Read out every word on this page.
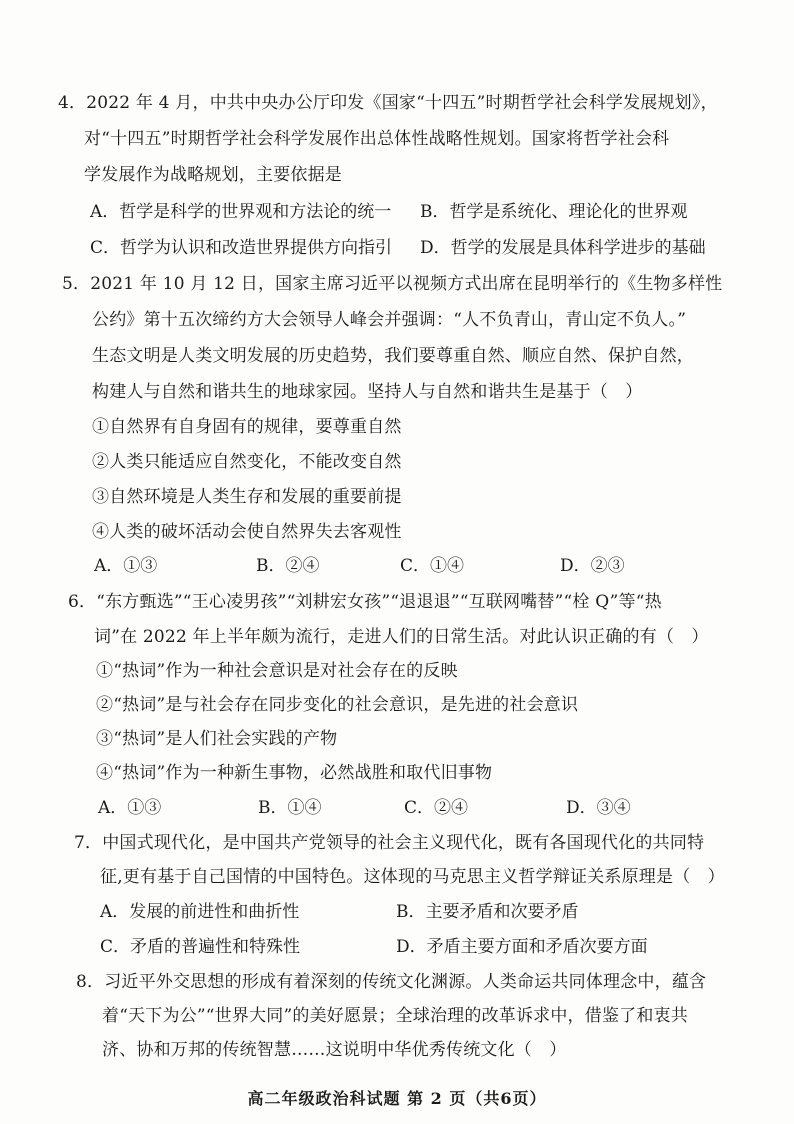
4．2022 年 4 月，中共中央办公厅印发《国家“十四五”时期哲学社会科学发展规划》，
对“十四五”时期哲学社会科学发展作出总体性战略性规划。国家将哲学社会科
学发展作为战略规划，主要依据是
A．哲学是科学的世界观和方法论的统一 B．哲学是系统化、理论化的世界观
C．哲学为认识和改造世界提供方向指引 D．哲学的发展是具体科学进步的基础
5．2021 年 10 月 12 日，国家主席习近平以视频方式出席在昆明举行的《生物多样性
公约》第十五次缔约方大会领导人峰会并强调：“人不负青山，青山定不负人。”
生态文明是人类文明发展的历史趋势，我们要尊重自然、顺应自然、保护自然，
构建人与自然和谐共生的地球家园。坚持人与自然和谐共生是基于（　）
①自然界有自身固有的规律，要尊重自然
②人类只能适应自然变化，不能改变自然
③自然环境是人类生存和发展的重要前提
④人类的破坏活动会使自然界失去客观性
A．①③	B．②④	C．①④	D．②③
6．“东方甄选”“王心凌男孩”“刘耕宏女孩”“退退退”“互联网嘴替”“栓 Q”等“热
词”在 2022 年上半年颇为流行，走进人们的日常生活。对此认识正确的有（　）
①“热词”作为一种社会意识是对社会存在的反映
②“热词”是与社会存在同步变化的社会意识，是先进的社会意识
③“热词”是人们社会实践的产物
④“热词”作为一种新生事物，必然战胜和取代旧事物
A．①③	B．①④	C．②④	D．③④
7．中国式现代化，是中国共产党领导的社会主义现代化，既有各国现代化的共同特
征,更有基于自己国情的中国特色。这体现的马克思主义哲学辩证关系原理是（　）
A．发展的前进性和曲折性	B．主要矛盾和次要矛盾
C．矛盾的普遍性和特殊性	D．矛盾主要方面和矛盾次要方面
8．习近平外交思想的形成有着深刻的传统文化渊源。人类命运共同体理念中，蕴含
着“天下为公”“世界大同”的美好愿景；全球治理的改革诉求中，借鉴了和衷共
济、协和万邦的传统智慧……这说明中华优秀传统文化（　）
高二年级政治科试题 第 2 页（共6页）
